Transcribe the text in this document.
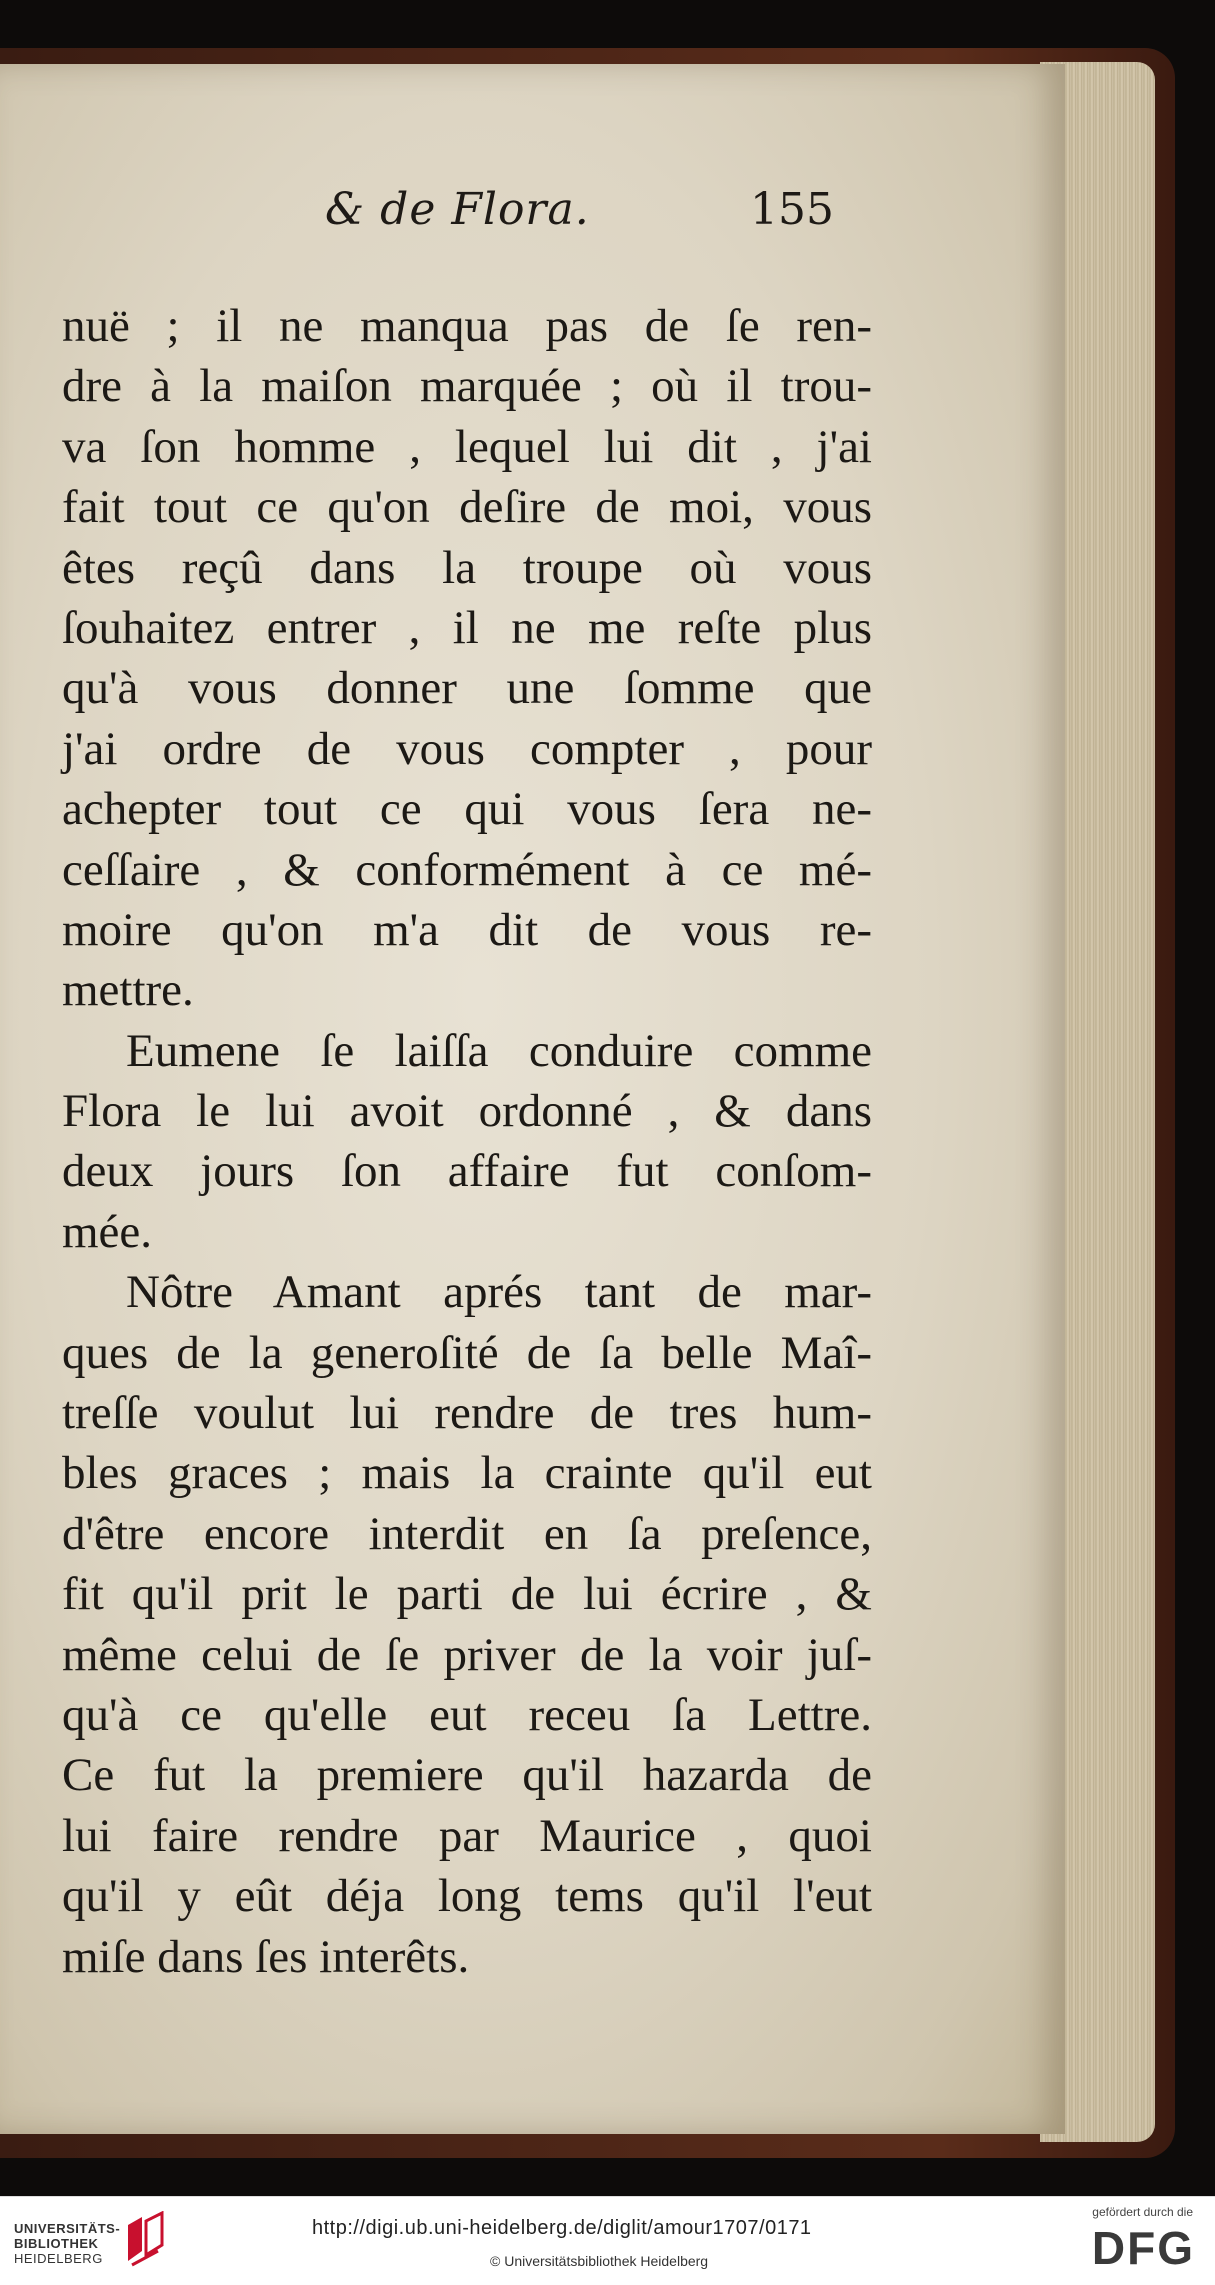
& de Flora.	155
nuë ; il ne manqua pas de ſe ren-
dre à la maiſon marquée ; où il trou-
va ſon homme , lequel lui dit , j'ai
fait tout ce qu'on deſire de moi, vous
êtes reçû dans la troupe où vous
ſouhaitez entrer , il ne me reſte plus
qu'à vous donner une ſomme que
j'ai ordre de vous compter , pour
achepter tout ce qui vous ſera ne-
ceſſaire , & conformément à ce mé-
moire qu'on m'a dit de vous re-
mettre.
Eumene ſe laiſſa conduire comme
Flora le lui avoit ordonné , & dans
deux jours ſon affaire fut conſom-
mée.
Nôtre Amant aprés tant de mar-
ques de la generoſité de ſa belle Maî-
treſſe voulut lui rendre de tres hum-
bles graces ; mais la crainte qu'il eut
d'être encore interdit en ſa preſence,
fit qu'il prit le parti de lui écrire , &
même celui de ſe priver de la voir juſ-
qu'à ce qu'elle eut receu ſa Lettre.
Ce fut la premiere qu'il hazarda de
lui faire rendre par Maurice , quoi
qu'il y eût déja long tems qu'il l'eut
miſe dans ſes interêts.
UNIVERSITÄTS-
BIBLIOTHEK
HEIDELBERG
http://digi.ub.uni-heidelberg.de/diglit/amour1707/0171
© Universitätsbibliothek Heidelberg
gefördert durch die
DFG
